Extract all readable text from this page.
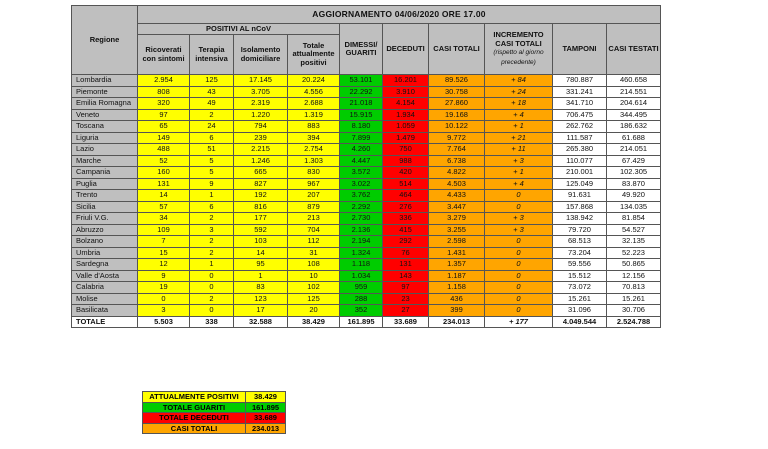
Regione	AGGIORNAMENTO 04/06/2020 ORE 17.00									
	POSITIVI AL nCoV				DIMESSI/ GUARITI	DECEDUTI	CASI TOTALI	INCREMENTO CASI TOTALI
(rispetto al giorno precedente)	TAMPONI	CASI TESTATI
	Ricoverati con sintomi	Terapia intensiva	Isolamento domiciliare	Totale attualmente positivi						
Lombardia	2.954	125	17.145	20.224	53.101	16.201	89.526	+ 84	780.887	460.658
Piemonte	808	43	3.705	4.556	22.292	3.910	30.758	+ 24	331.241	214.551
Emilia Romagna	320	49	2.319	2.688	21.018	4.154	27.860	+ 18	341.710	204.614
Veneto	97	2	1.220	1.319	15.915	1.934	19.168	+ 4	706.475	344.495
Toscana	65	24	794	883	8.180	1.059	10.122	+ 1	262.762	186.632
Liguria	149	6	239	394	7.899	1.479	9.772	+ 21	111.587	61.688
Lazio	488	51	2.215	2.754	4.260	750	7.764	+ 11	265.380	214.051
Marche	52	5	1.246	1.303	4.447	988	6.738	+ 3	110.077	67.429
Campania	160	5	665	830	3.572	420	4.822	+ 1	210.001	102.305
Puglia	131	9	827	967	3.022	514	4.503	+ 4	125.049	83.870
Trento	14	1	192	207	3.762	464	4.433	0	91.631	49.920
Sicilia	57	6	816	879	2.292	276	3.447	0	157.868	134.035
Friuli V.G.	34	2	177	213	2.730	336	3.279	+ 3	138.942	81.854
Abruzzo	109	3	592	704	2.136	415	3.255	+ 3	79.720	54.527
Bolzano	7	2	103	112	2.194	292	2.598	0	68.513	32.135
Umbria	15	2	14	31	1.324	76	1.431	0	73.204	52.223
Sardegna	12	1	95	108	1.118	131	1.357	0	59.556	50.865
Valle d'Aosta	9	0	1	10	1.034	143	1.187	0	15.512	12.156
Calabria	19	0	83	102	959	97	1.158	0	73.072	70.813
Molise	0	2	123	125	288	23	436	0	15.261	15.261
Basilicata	3	0	17	20	352	27	399	0	31.096	30.706
TOTALE	5.503	338	32.588	38.429	161.895	33.689	234.013	+ 177	4.049.544	2.524.788
ATTUALMENTE POSITIVI	38.429
TOTALE GUARITI	161.895
TOTALE DECEDUTI	33.689
CASI TOTALI	234.013
